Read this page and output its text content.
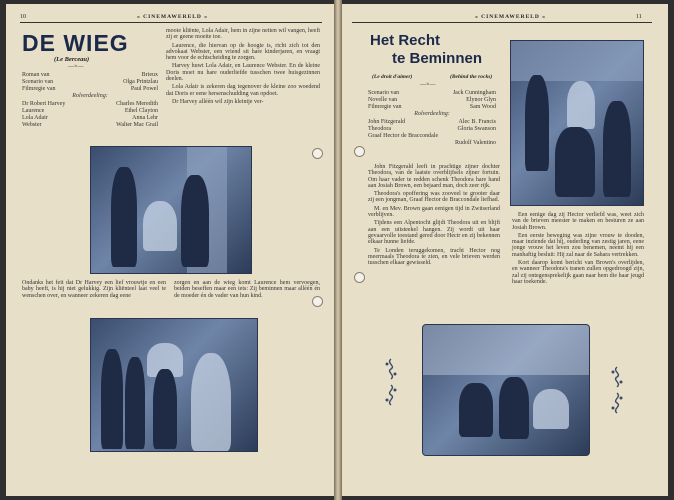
10	« CINEMAWERELD »
DE WIEG
(Le Berceau)
—×—
Roman van	Brieux
Scenario van	Olga Printzlau
Filmregie van	Paul Powel
Rolverdeeling:
Dr Robert Harvey	Charles Meredith
Laurence	Ethel Clayton
Lola Adair	Anna Lehr
Webster	Walter Mac Grail

mooie kliënte, Lola Adair, hem in zijne netten wil vangen, heeft zij er geene moeite toe.

Laurence, die hiervan op de hoogte is, richt zich tot den advokaat Webster, een vriend sit hare kinderjaren, en vraagt hem voor de echtscheiding te zorgen.

Harvey huwt Lola Adair, en Laurence Webster. En de kleine Doris moet nu hare ouderliefde tusschen twee huisgezinnen deelen.

Lola Adair is zekeren dag tegenover de kleine zoo woedend dat Doris er eene hersenschudding van opdoet.

Dr Harvey alléén wil zijn kleintje ver-

Ondanks het feit dat Dr Harvey een lief vrouwtje en een baby heeft, is hij niet gelukkig. Zijn kliënteel laat veel te wenschen over, en wanneer zekeren dag eene

zorgen en aan de wieg komt Laurence hem vervoegen, beiden beseffen maar een iets: Zij beminnen maar alléén én de moeder én de vader van hun kind.

« CINEMAWERELD »	11
Het Recht
te Beminnen
(Le droit d'aimer)	(Behind the rocks)
—×—
Scenario van	Jack Cunningham
Novelle van	Elynor Glyn
Filmregie van	Sam Wood
Rolverdeeling:
John Fitzgerald	Alec B. Francis
Theodora	Gloria Swanson
Graaf Hector de Braccondale
Rudolf Valentino

John Fitzgerald leeft in prachtige zijner dochter Theodora, van de laatste overblijfsels zijner fortuin. Om haar vader te redden schenk Theodora hare hand aan Josiah Brown, een bejaard man, doch zeer rijk.

Theodora's opoffering was zooveel te grooter daar zij een jongman, Graaf Hector de Braccondale liefhad.

M. en Mev. Brown gaan eenigen tijd in Zwitserland verblijven.

Tijdens een Alpentocht glijdt Theodora uit en blijft aan een uitsteekel hangen. Zij wordt uit haar gevaarvolle toestand gered door Hectr en zij bekennen elkaar hunne liefde.

Te Londen teruggekomen, tracht Hector nog meermaals Theodora te zien, en vele brieven werden tusschen elkaar gewisseld.

Een eenige dag zij Hector verliefd was, weet zich van de brieven meester te maken en besturen ze aan Josiah Brown.

Een eerste beweging was zijne vrouw te dooden, maar inziende dat hij, ouderling van zestig jaren, eene jonge vrouw het leven zou benemen, neemt hij een manhaftig besluit: Hij zal naar de Sahara vertrekken.

Kort daarop komt bericht van Brown's overlijden, en wanneer Theodora's tranen zullen opgedroogd zijn, zal zij ontegensprekelijk gaan naar hem die haar jeugd haar toekende.
